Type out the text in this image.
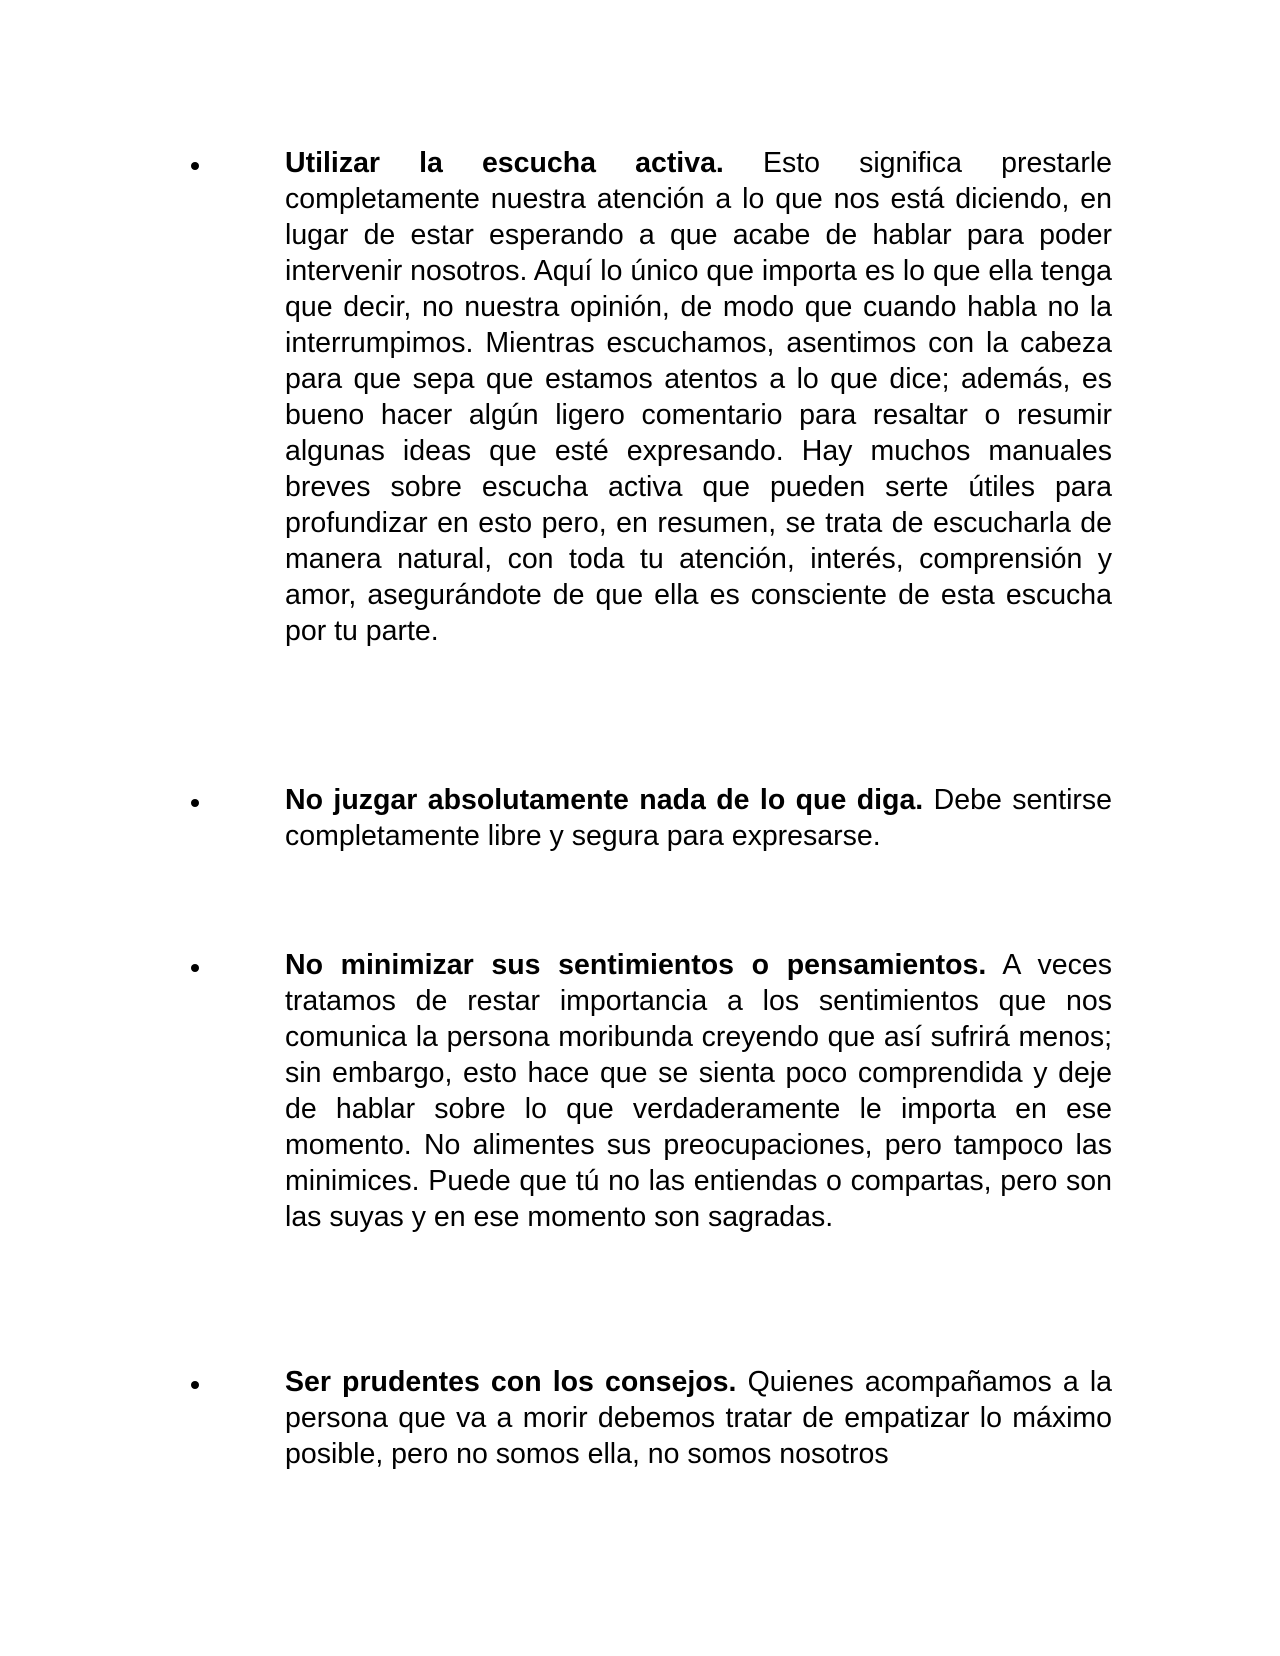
Utilizar la escucha activa. Esto significa prestarle completamente nuestra atención a lo que nos está diciendo, en lugar de estar esperando a que acabe de hablar para poder intervenir nosotros. Aquí lo único que importa es lo que ella tenga que decir, no nuestra opinión, de modo que cuando habla no la interrumpimos. Mientras escuchamos, asentimos con la cabeza para que sepa que estamos atentos a lo que dice; además, es bueno hacer algún ligero comentario para resaltar o resumir algunas ideas que esté expresando. Hay muchos manuales breves sobre escucha activa que pueden serte útiles para profundizar en esto pero, en resumen, se trata de escucharla de manera natural, con toda tu atención, interés, comprensión y amor, asegurándote de que ella es consciente de esta escucha por tu parte.

No juzgar absolutamente nada de lo que diga. Debe sentirse completamente libre y segura para expresarse.

No minimizar sus sentimientos o pensamientos. A veces tratamos de restar importancia a los sentimientos que nos comunica la persona moribunda creyendo que así sufrirá menos; sin embargo, esto hace que se sienta poco comprendida y deje de hablar sobre lo que verdaderamente le importa en ese momento. No alimentes sus preocupaciones, pero tampoco las minimices. Puede que tú no las entiendas o compartas, pero son las suyas y en ese momento son sagradas.

Ser prudentes con los consejos. Quienes acompañamos a la persona que va a morir debemos tratar de empatizar lo máximo posible, pero no somos ella, no somos nosotros
